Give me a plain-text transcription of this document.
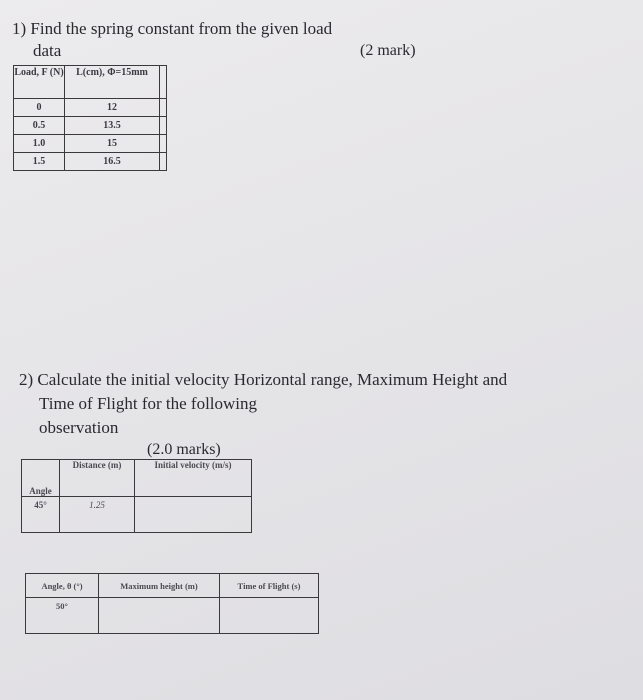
1) Find the spring constant from the given load
data	(2 mark)
Load, F (N)	L(cm), Φ=15mm	
0	12	
0.5	13.5	
1.0	15	
1.5	16.5	
2) Calculate the initial velocity Horizontal range, Maximum Height and
Time of Flight for the following
observation
(2.0 marks)
Angle	Distance (m)	Initial velocity (m/s)
45°	1.25	
Angle, θ (°)	Maximum height (m)	Time of Flight (s)
50°		
